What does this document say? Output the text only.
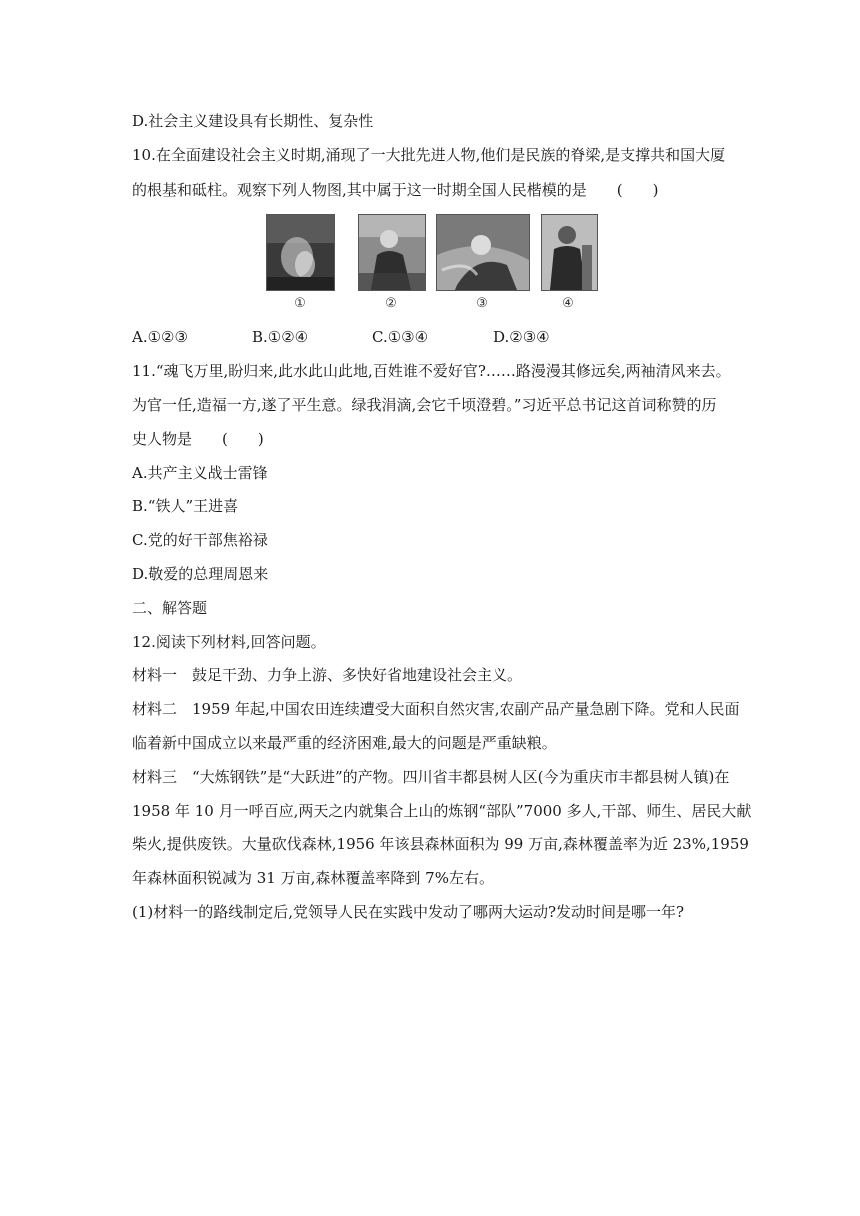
D.社会主义建设具有长期性、复杂性
10.在全面建设社会主义时期,涌现了一大批先进人物,他们是民族的脊梁,是支撑共和国大厦
的根基和砥柱。观察下列人物图,其中属于这一时期全国人民楷模的是　　(　　)
①	②	③	④
A.①②③	B.①②④	C.①③④	D.②③④
11.“魂飞万里,盼归来,此水此山此地,百姓谁不爱好官?……路漫漫其修远矣,两袖清风来去。
为官一任,造福一方,遂了平生意。绿我涓滴,会它千顷澄碧。”习近平总书记这首词称赞的历
史人物是　　(　　)
A.共产主义战士雷锋
B.“铁人”王进喜
C.党的好干部焦裕禄
D.敬爱的总理周恩来
二、解答题
12.阅读下列材料,回答问题。
材料一　鼓足干劲、力争上游、多快好省地建设社会主义。
材料二　1959 年起,中国农田连续遭受大面积自然灾害,农副产品产量急剧下降。党和人民面
临着新中国成立以来最严重的经济困难,最大的问题是严重缺粮。
材料三　“大炼钢铁”是“大跃进”的产物。四川省丰都县树人区(今为重庆市丰都县树人镇)在
1958 年 10 月一呼百应,两天之内就集合上山的炼钢“部队”7000 多人,干部、师生、居民大献
柴火,提供废铁。大量砍伐森林,1956 年该县森林面积为 99 万亩,森林覆盖率为近 23%,1959
年森林面积锐减为 31 万亩,森林覆盖率降到 7%左右。
(1)材料一的路线制定后,党领导人民在实践中发动了哪两大运动?发动时间是哪一年?
